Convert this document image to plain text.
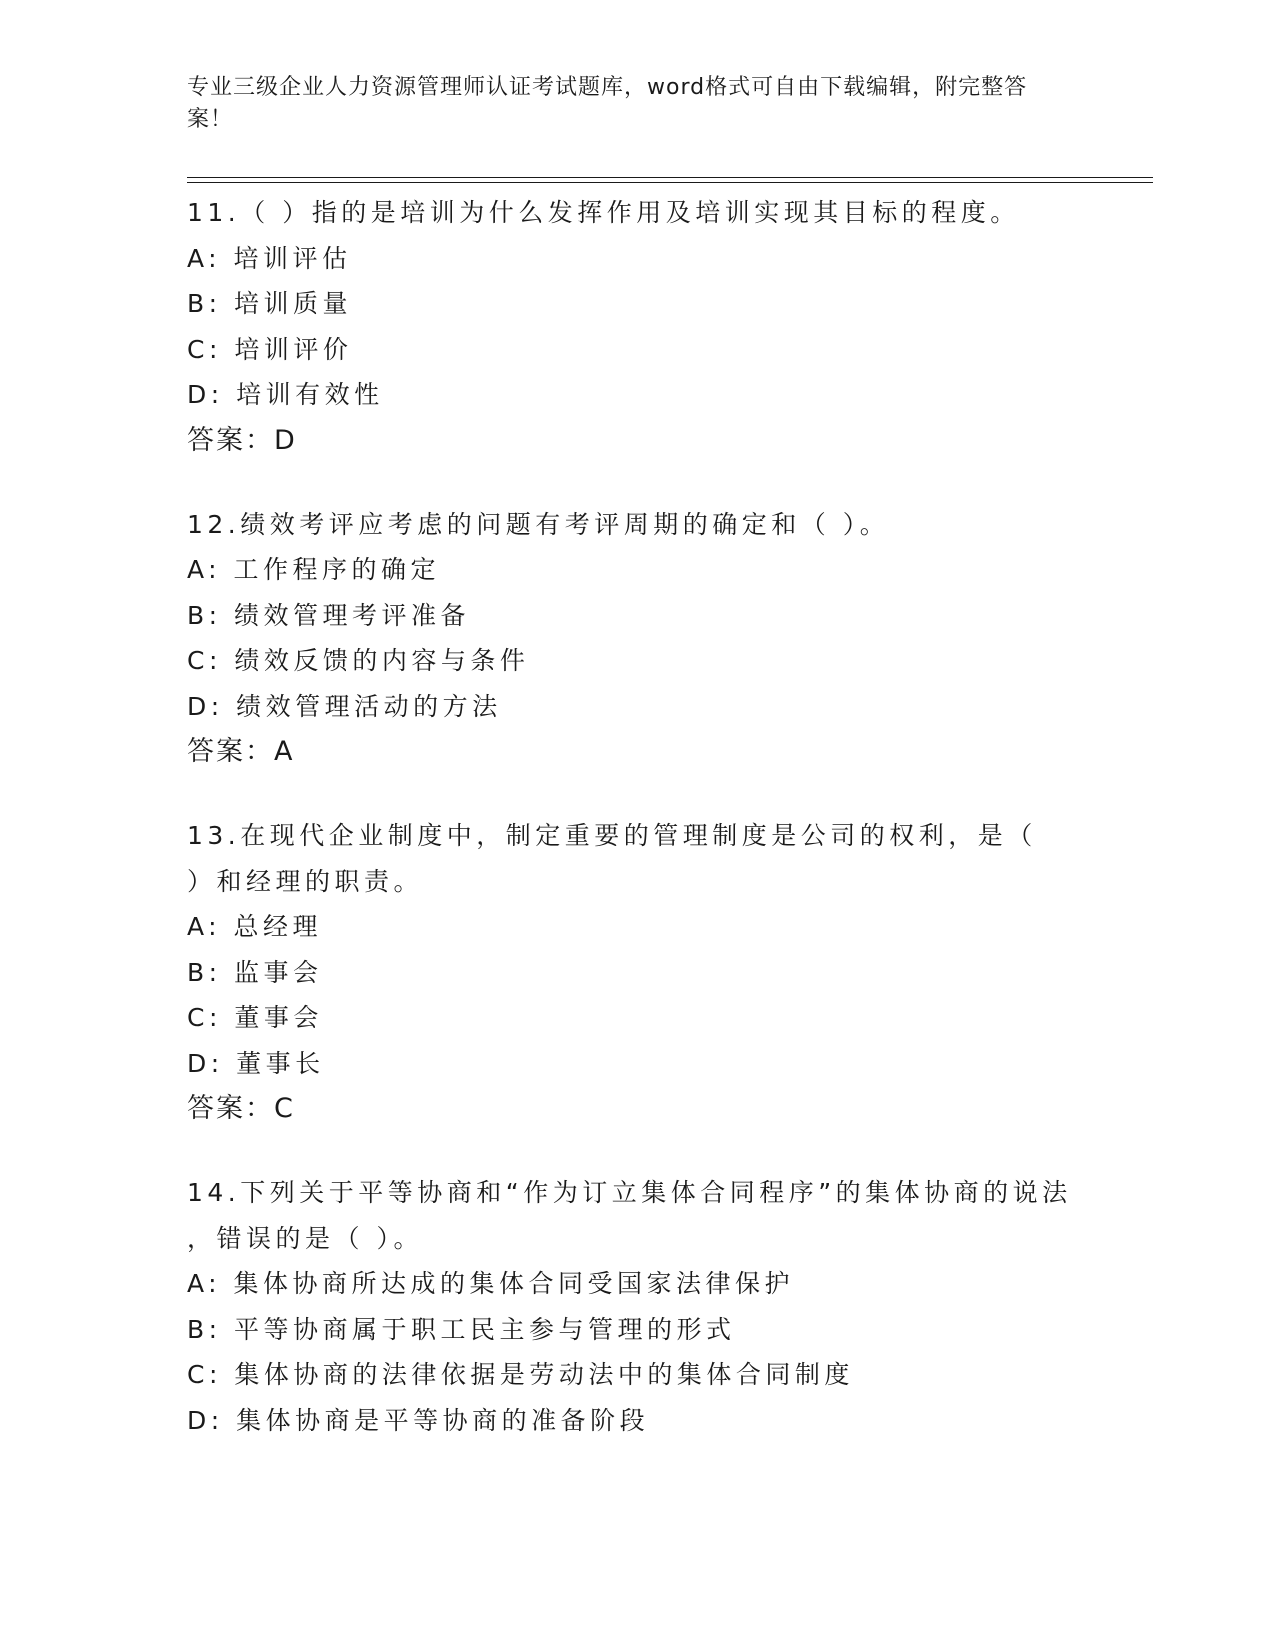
专业三级企业人力资源管理师认证考试题库，word格式可自由下载编辑，附完整答案！
11.（ ）指的是培训为什么发挥作用及培训实现其目标的程度。
A: 培训评估
B: 培训质量
C: 培训评价
D: 培训有效性
答案：D
12.绩效考评应考虑的问题有考评周期的确定和（ ）。
A: 工作程序的确定
B: 绩效管理考评准备
C: 绩效反馈的内容与条件
D: 绩效管理活动的方法
答案：A
13.在现代企业制度中，制定重要的管理制度是公司的权利，是（
）和经理的职责。
A: 总经理
B: 监事会
C: 董事会
D: 董事长
答案：C
14.下列关于平等协商和“作为订立集体合同程序”的集体协商的说法
，错误的是（ ）。
A: 集体协商所达成的集体合同受国家法律保护
B: 平等协商属于职工民主参与管理的形式
C: 集体协商的法律依据是劳动法中的集体合同制度
D: 集体协商是平等协商的准备阶段
